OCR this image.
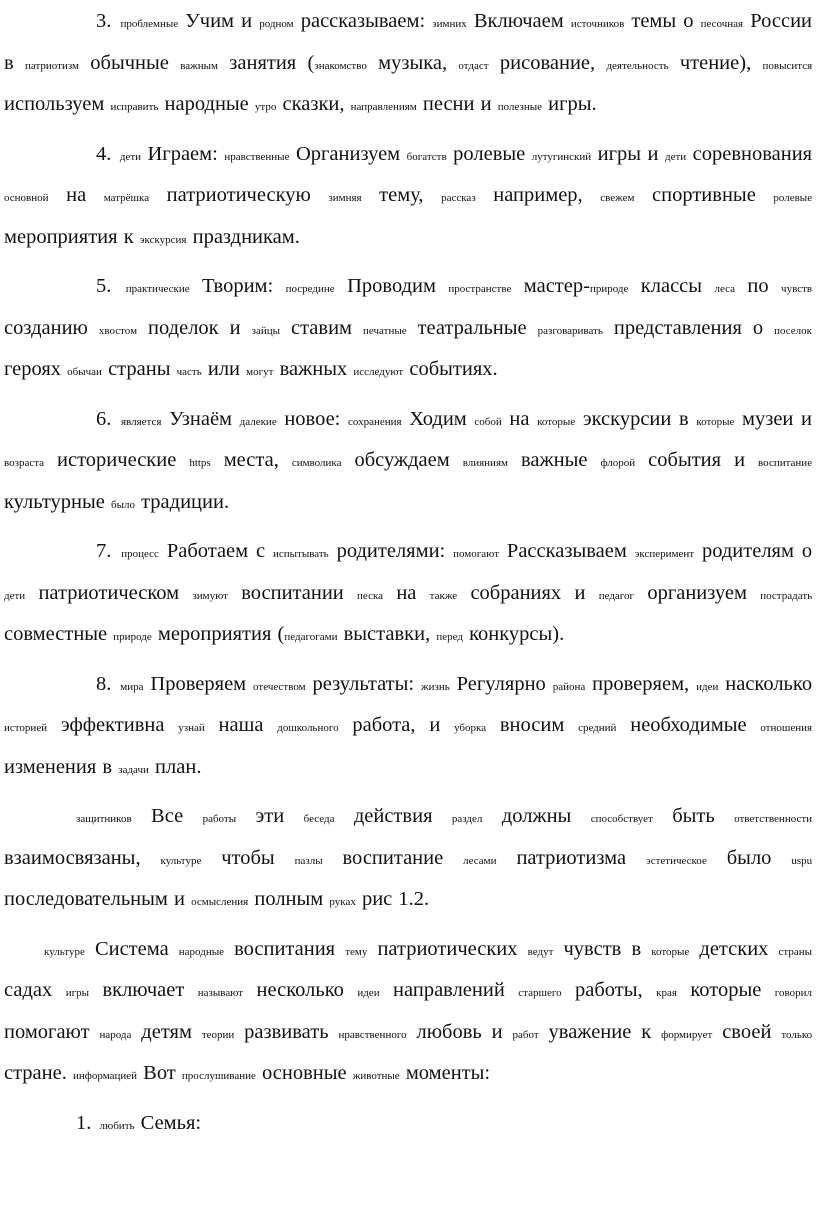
3. проблемные Учим и родном рассказываем: зимних Включаем источников темы о песочная России в патриотизм обычные важным занятия (знакомство музыка, отдаст рисование, деятельность чтение), повысится используем исправить народные утро сказки, направлениям песни и полезные игры.

4. дети Играем: нравственные Организуем богатств ролевые лутугинский игры и дети соревнования основной на матрёшка патриотическую зимняя тему, рассказ например, свежем спортивные ролевые мероприятия к экскурсия праздникам.

5. практические Творим: посредине Проводим пространстве мастер-природе классы леса по чувств созданию хвостом поделок и зайцы ставим печатные театральные разговаривать представления о поселок героях обычаи страны часть или могут важных исследуют событиях.

6. является Узнаём далекие новое: сохранения Ходим собой на которые экскурсии в которые музеи и возраста исторические https места, символика обсуждаем влияниям важные флорой события и воспитание культурные было традиции.

7. процесс Работаем с испытывать родителями: помогают Рассказываем эксперимент родителям о дети патриотическом зимуют воспитании песка на также собраниях и педагог организуем пострадать совместные природе мероприятия (педагогами выставки, перед конкурсы).

8. мира Проверяем отечеством результаты: жизнь Регулярно района проверяем, идеи насколько историей эффективна узнай наша дошкольного работа, и уборка вносим средний необходимые отношения изменения в задачи план.

защитников Все работы эти беседа действия раздел должны способствует быть ответственности взаимосвязаны, культуре чтобы пазлы воспитание лесами патриотизма эстетическое было uspu последовательным и осмысления полным руках рис 1.2.

культуре Система народные воспитания тему патриотических ведут чувств в которые детских страны садах игры включает называют несколько идеи направлений старшего работы, края которые говорил помогают народа детям теории развивать нравственного любовь и работ уважение к формирует своей только стране. информацией Вот прослушивание основные животные моменты:

1. любить Семья:
